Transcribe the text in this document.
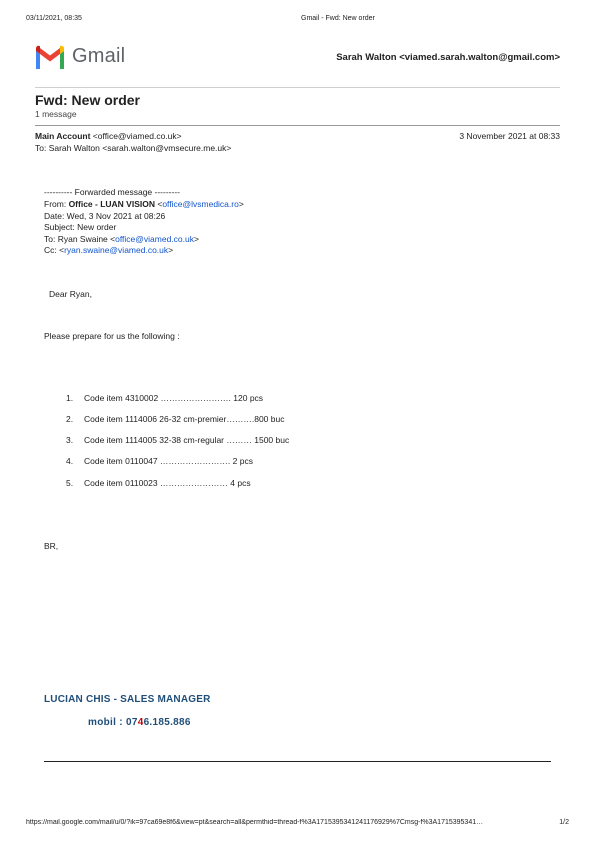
03/11/2021, 08:35	Gmail - Fwd: New order
Gmail	Sarah Walton <viamed.sarah.walton@gmail.com>
Fwd: New order
1 message
Main Account <office@viamed.co.uk>	3 November 2021 at 08:33
To: Sarah Walton <sarah.walton@vmsecure.me.uk>
---------- Forwarded message ---------
From: Office - LUAN VISION <office@lvsmedica.ro>
Date: Wed, 3 Nov 2021 at 08:26
Subject: New order
To: Ryan Swaine <office@viamed.co.uk>
Cc: <ryan.swaine@viamed.co.uk>
Dear Ryan,
Please prepare for us the following :
1. Code item 4310002 ……………………. 120 pcs
2. Code item 1114006 26-32 cm-premier……….800 buc
3. Code item 1114005 32-38 cm-regular ……… 1500 buc
4. Code item 0110047 ……………………. 2 pcs
5. Code item 0110023 …………………… 4 pcs
BR,
LUCIAN CHIS - SALES MANAGER
mobil : 0746.185.886
https://mail.google.com/mail/u/0/?ik=97ca69e8f6&view=pt&search=all&permthid=thread-f%3A1715395341241176929%7Cmsg-f%3A1715395341…	1/2
